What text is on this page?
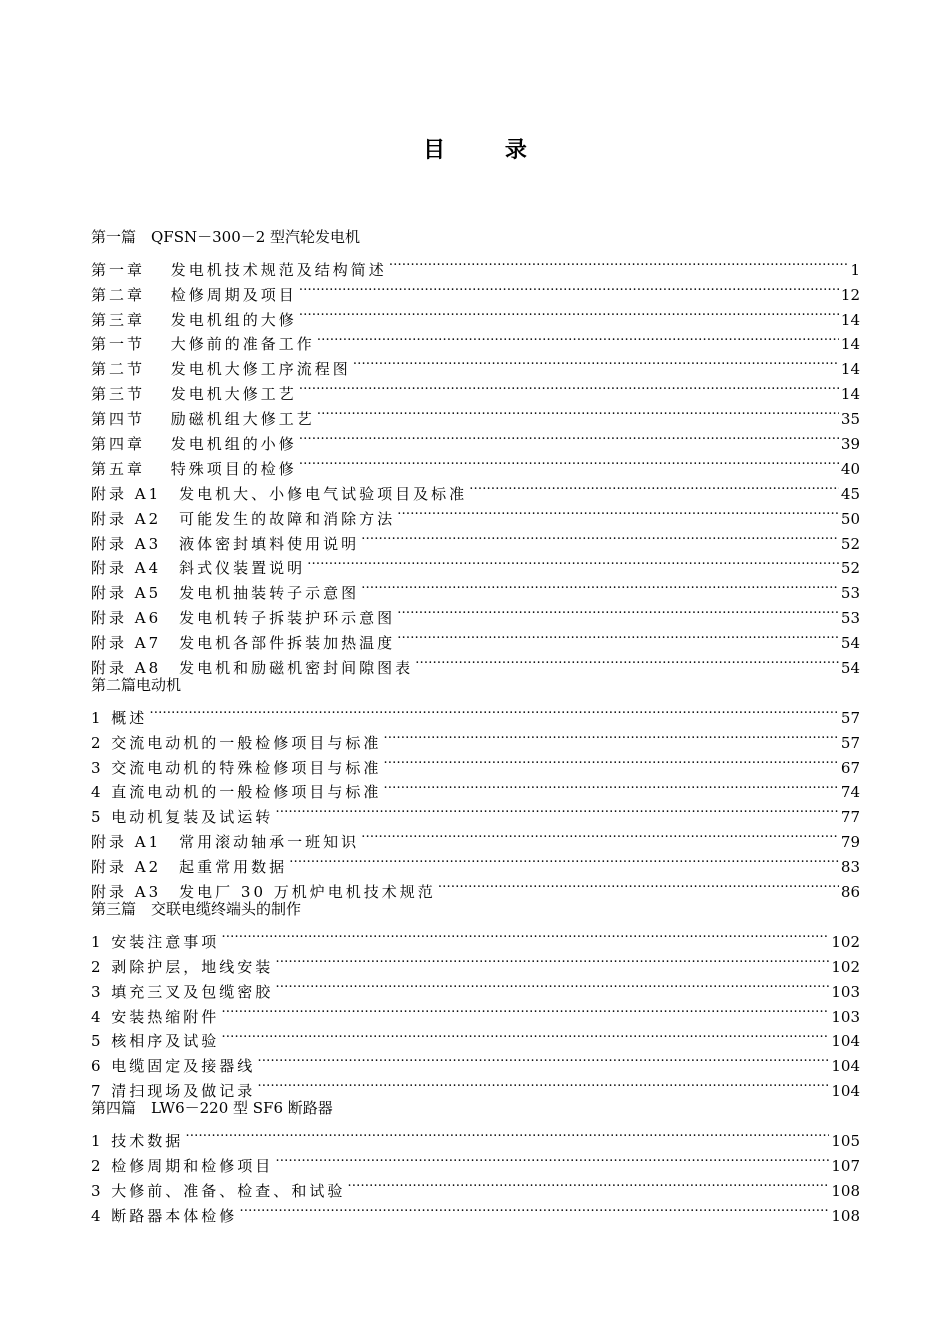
目 录
第一篇　QFSN－300－2 型汽轮发电机
第一章　 发电机技术规范及结构简述 …………………………………………………………………………………………………………………………………………………………………………	1
第二章　 检修周期及项目 …………………………………………………………………………………………………………………………………………………………………………	12
第三章　 发电机组的大修 …………………………………………………………………………………………………………………………………………………………………………	14
第一节　 大修前的准备工作 …………………………………………………………………………………………………………………………………………………………………………	14
第二节　 发电机大修工序流程图 …………………………………………………………………………………………………………………………………………………………………………	14
第三节　 发电机大修工艺 …………………………………………………………………………………………………………………………………………………………………………	14
第四节　 励磁机组大修工艺 …………………………………………………………………………………………………………………………………………………………………………	35
第四章　 发电机组的小修 …………………………………………………………………………………………………………………………………………………………………………	39
第五章　 特殊项目的检修 …………………………………………………………………………………………………………………………………………………………………………	40
附录 A1　发电机大、小修电气试验项目及标准 …………………………………………………………………………………………………………………………………………………………………………	45
附录 A2　可能发生的故障和消除方法 …………………………………………………………………………………………………………………………………………………………………………	50
附录 A3　液体密封填料使用说明 …………………………………………………………………………………………………………………………………………………………………………	52
附录 A4　斜式仪装置说明 …………………………………………………………………………………………………………………………………………………………………………	52
附录 A5　发电机抽装转子示意图 …………………………………………………………………………………………………………………………………………………………………………	53
附录 A6　发电机转子拆装护环示意图 …………………………………………………………………………………………………………………………………………………………………………	53
附录 A7　发电机各部件拆装加热温度 …………………………………………………………………………………………………………………………………………………………………………	54
附录 A8　发电机和励磁机密封间隙图表 …………………………………………………………………………………………………………………………………………………………………………	54
第二篇电动机
1 概述 …………………………………………………………………………………………………………………………………………………………………………	57
2 交流电动机的一般检修项目与标准 …………………………………………………………………………………………………………………………………………………………………………	57
3 交流电动机的特殊检修项目与标准 …………………………………………………………………………………………………………………………………………………………………………	67
4 直流电动机的一般检修项目与标准 …………………………………………………………………………………………………………………………………………………………………………	74
5 电动机复装及试运转 …………………………………………………………………………………………………………………………………………………………………………	77
附录 A1　常用滚动轴承一班知识 …………………………………………………………………………………………………………………………………………………………………………	79
附录 A2　起重常用数据 …………………………………………………………………………………………………………………………………………………………………………	83
附录 A3　发电厂 30 万机炉电机技术规范 …………………………………………………………………………………………………………………………………………………………………………	86
第三篇　交联电缆终端头的制作
1 安装注意事项 …………………………………………………………………………………………………………………………………………………………………………	102
2 剥除护层，地线安装 …………………………………………………………………………………………………………………………………………………………………………	102
3 填充三叉及包缆密胶 …………………………………………………………………………………………………………………………………………………………………………	103
4 安装热缩附件 …………………………………………………………………………………………………………………………………………………………………………	103
5 核相序及试验 …………………………………………………………………………………………………………………………………………………………………………	104
6 电缆固定及接器线 …………………………………………………………………………………………………………………………………………………………………………	104
7 清扫现场及做记录 …………………………………………………………………………………………………………………………………………………………………………	104
第四篇　LW6－220 型 SF6 断路器
1 技术数据 …………………………………………………………………………………………………………………………………………………………………………	105
2 检修周期和检修项目 …………………………………………………………………………………………………………………………………………………………………………	107
3 大修前、准备、检查、和试验 …………………………………………………………………………………………………………………………………………………………………………	108
4 断路器本体检修 …………………………………………………………………………………………………………………………………………………………………………	108
